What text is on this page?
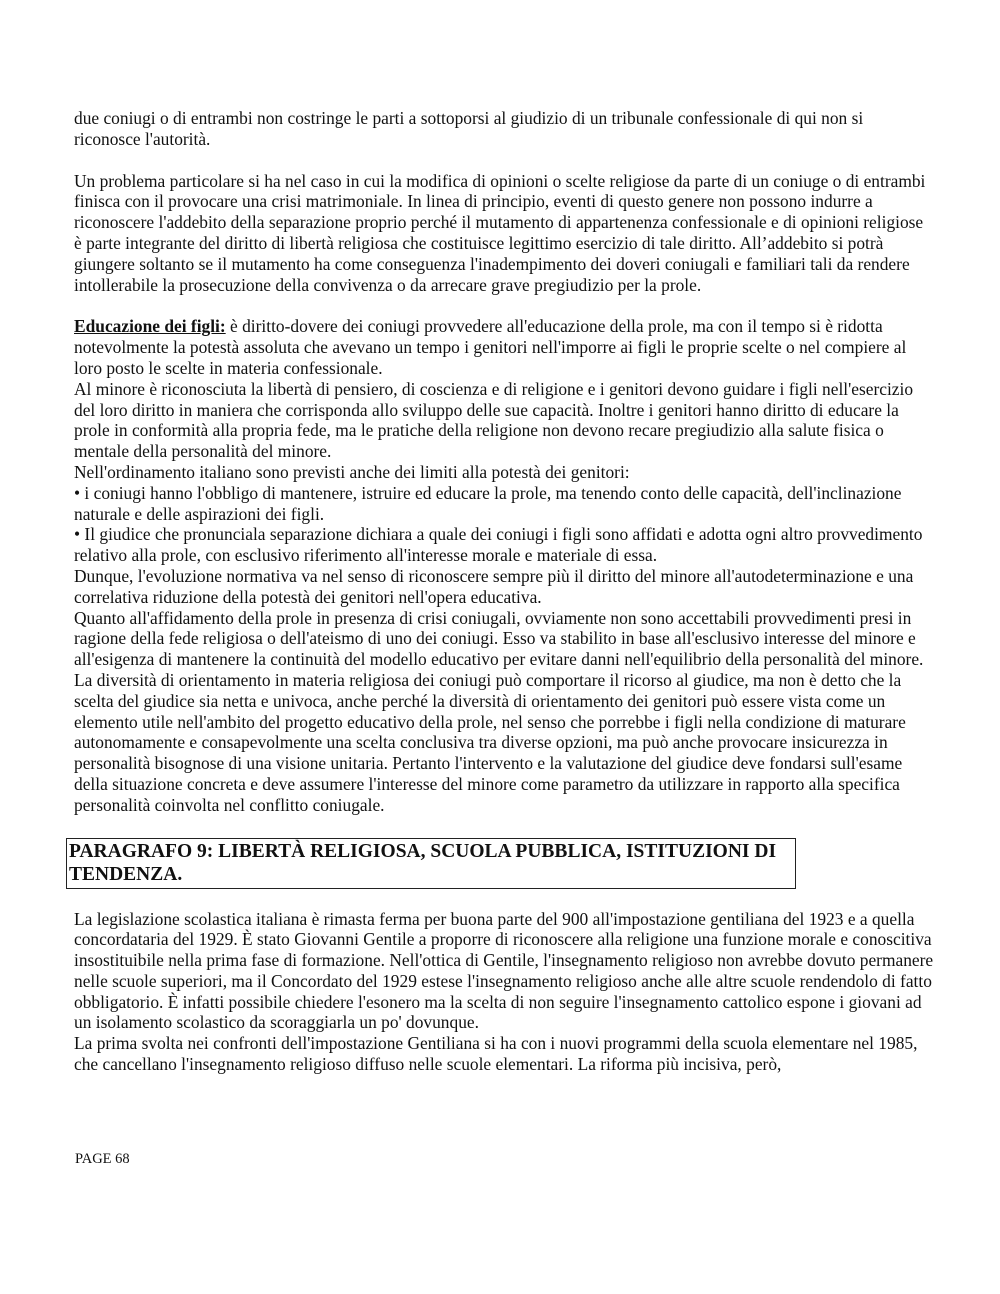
due coniugi o di entrambi non costringe le parti a sottoporsi al giudizio di un tribunale confessionale di qui non si riconosce l'autorità.

Un problema particolare si ha nel caso in cui la modifica di opinioni o scelte religiose da parte di un coniuge o di entrambi finisca con il provocare una crisi matrimoniale. In linea di principio, eventi di questo genere non possono indurre a riconoscere l'addebito della separazione proprio perché il mutamento di appartenenza confessionale e di opinioni religiose è parte integrante del diritto di libertà religiosa che costituisce legittimo esercizio di tale diritto. All’addebito si potrà giungere soltanto se il mutamento ha come conseguenza l'inadempimento dei doveri coniugali e familiari tali da rendere intollerabile la prosecuzione della convivenza o da arrecare grave pregiudizio per la prole.

Educazione dei figli: è diritto-dovere dei coniugi provvedere all'educazione della prole, ma con il tempo si è ridotta notevolmente la potestà assoluta che avevano un tempo i genitori nell'imporre ai figli le proprie scelte o nel compiere al loro posto le scelte in materia confessionale.

Al minore è riconosciuta la libertà di pensiero, di coscienza e di religione e i genitori devono guidare i figli nell'esercizio del loro diritto in maniera che corrisponda allo sviluppo delle sue capacità. Inoltre i genitori hanno diritto di educare la prole in conformità alla propria fede, ma le pratiche della religione non devono recare pregiudizio alla salute fisica o mentale della personalità del minore.

Nell'ordinamento italiano sono previsti anche dei limiti alla potestà dei genitori:

• i coniugi hanno l'obbligo di mantenere, istruire ed educare la prole, ma tenendo conto delle capacità, dell'inclinazione naturale e delle aspirazioni dei figli.

• Il giudice che pronunciala separazione dichiara a quale dei coniugi i figli sono affidati e adotta ogni altro provvedimento relativo alla prole, con esclusivo riferimento all'interesse morale e materiale di essa.

Dunque, l'evoluzione normativa va nel senso di riconoscere sempre più il diritto del minore all'autodeterminazione e una correlativa riduzione della potestà dei genitori nell'opera educativa.

Quanto all'affidamento della prole in presenza di crisi coniugali, ovviamente non sono accettabili provvedimenti presi in ragione della fede religiosa o dell'ateismo di uno dei coniugi. Esso va stabilito in base all'esclusivo interesse del minore e all'esigenza di mantenere la continuità del modello educativo per evitare danni nell'equilibrio della personalità del minore. La diversità di orientamento in materia religiosa dei coniugi può comportare il ricorso al giudice, ma non è detto che la scelta del giudice sia netta e univoca, anche perché la diversità di orientamento dei genitori può essere vista come un elemento utile nell'ambito del progetto educativo della prole, nel senso che porrebbe i figli nella condizione di maturare autonomamente e consapevolmente una scelta conclusiva tra diverse opzioni, ma può anche provocare insicurezza in personalità bisognose di una visione unitaria. Pertanto l'intervento e la valutazione del giudice deve fondarsi sull'esame della situazione concreta e deve assumere l'interesse del minore come parametro da utilizzare in rapporto alla specifica personalità coinvolta nel conflitto coniugale.

PARAGRAFO 9: LIBERTÀ RELIGIOSA, SCUOLA PUBBLICA, ISTITUZIONI DI TENDENZA.

La legislazione scolastica italiana è rimasta ferma per buona parte del 900 all'impostazione gentiliana del 1923 e a quella concordataria del 1929. È stato Giovanni Gentile a proporre di riconoscere alla religione una funzione morale e conoscitiva insostituibile nella prima fase di formazione. Nell'ottica di Gentile, l'insegnamento religioso non avrebbe dovuto permanere nelle scuole superiori, ma il Concordato del 1929 estese l'insegnamento religioso anche alle altre scuole rendendolo di fatto obbligatorio. È infatti possibile chiedere l'esonero ma la scelta di non seguire l'insegnamento cattolico espone i giovani ad un isolamento scolastico da scoraggiarla un po' dovunque.

La prima svolta nei confronti dell'impostazione Gentiliana si ha con i nuovi programmi della scuola elementare nel 1985, che cancellano l'insegnamento religioso diffuso nelle scuole elementari. La riforma più incisiva, però,

PAGE 68
